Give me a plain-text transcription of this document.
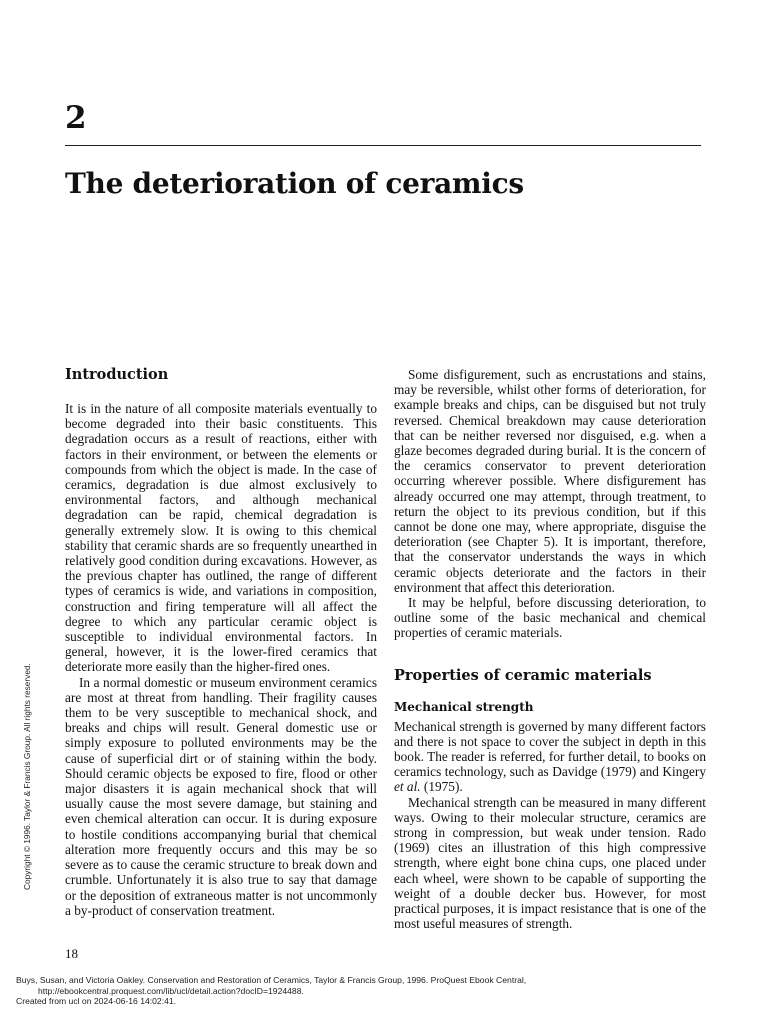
2
The deterioration of ceramics
Introduction

It is in the nature of all composite materials eventually to become degraded into their basic constituents. This degradation occurs as a result of reactions, either with factors in their environment, or between the elements or compounds from which the object is made. In the case of ceramics, degradation is due almost exclusively to environmental factors, and although mechanical degradation can be rapid, chemical degradation is generally extremely slow. It is owing to this chemical stability that ceramic shards are so frequently unearthed in relatively good condition during excavations. However, as the previous chapter has outlined, the range of different types of ceramics is wide, and variations in composition, construction and firing temperature will all affect the degree to which any particular ceramic object is susceptible to individual environmental factors. In general, however, it is the lower-fired ceramics that deteriorate more easily than the higher-fired ones.

In a normal domestic or museum environment ceramics are most at threat from handling. Their fragility causes them to be very susceptible to mechanical shock, and breaks and chips will result. General domestic use or simply exposure to polluted environments may be the cause of superficial dirt or of staining within the body. Should ceramic objects be exposed to fire, flood or other major disasters it is again mechanical shock that will usually cause the most severe damage, but staining and even chemical alteration can occur. It is during exposure to hostile conditions accompanying burial that chemical alteration more frequently occurs and this may be so severe as to cause the ceramic structure to break down and crumble. Unfortunately it is also true to say that damage or the deposition of extraneous matter is not uncommonly a by-product of conservation treatment.

Some disfigurement, such as encrustations and stains, may be reversible, whilst other forms of deterioration, for example breaks and chips, can be disguised but not truly reversed. Chemical breakdown may cause deterioration that can be neither reversed nor disguised, e.g. when a glaze becomes degraded during burial. It is the concern of the ceramics conservator to prevent deterioration occurring wherever possible. Where disfigurement has already occurred one may attempt, through treatment, to return the object to its previous condition, but if this cannot be done one may, where appropriate, disguise the deterioration (see Chapter 5). It is important, therefore, that the conservator understands the ways in which ceramic objects deteriorate and the factors in their environment that affect this deterioration.

It may be helpful, before discussing deterioration, to outline some of the basic mechanical and chemical properties of ceramic materials.

Properties of ceramic materials
Mechanical strength

Mechanical strength is governed by many different factors and there is not space to cover the subject in depth in this book. The reader is referred, for further detail, to books on ceramics technology, such as Davidge (1979) and Kingery et al. (1975).

Mechanical strength can be measured in many different ways. Owing to their molecular structure, ceramics are strong in compression, but weak under tension. Rado (1969) cites an illustration of this high compressive strength, where eight bone china cups, one placed under each wheel, were shown to be capable of supporting the weight of a double decker bus. However, for most practical purposes, it is impact resistance that is one of the most useful measures of strength.

18
Buys, Susan, and Victoria Oakley. Conservation and Restoration of Ceramics, Taylor & Francis Group, 1996. ProQuest Ebook Central,
http://ebookcentral.proquest.com/lib/ucl/detail.action?docID=1924488.
Created from ucl on 2024-06-16 14:02:41.
Copyright © 1996. Taylor & Francis Group. All rights reserved.
